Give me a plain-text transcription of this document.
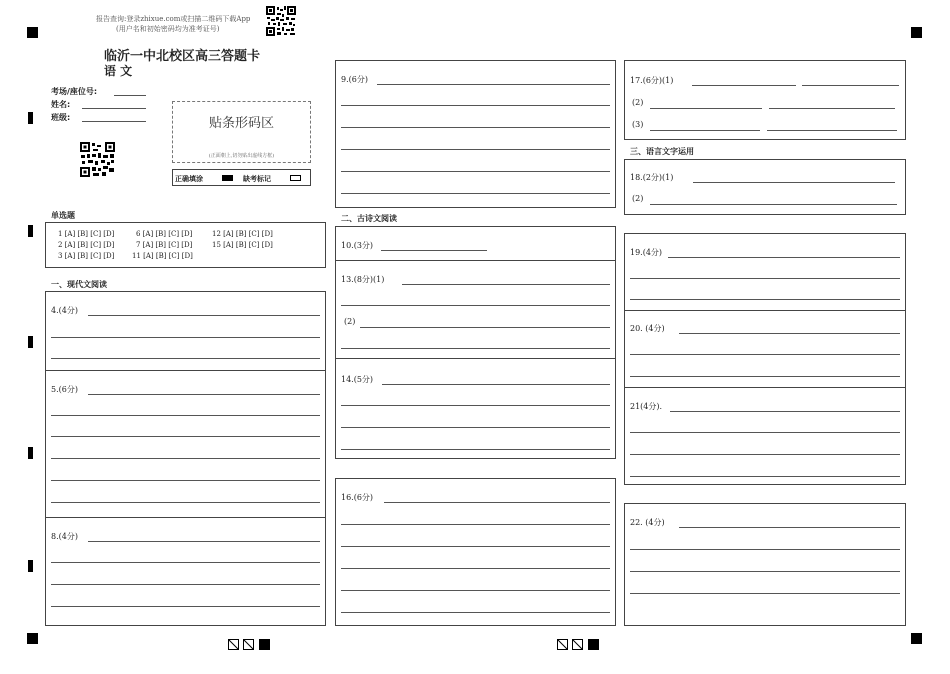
报告查询:登录zhixue.com或扫描二维码下载App
(用户名和初始密码均为准考证号)
临沂一中北校区高三答题卡
语 文
考场/座位号:
姓名:
班级:	贴条形码区
(正面朝上,切勿贴出虚线方框)
正确填涂	缺考标记
单选题
1 [A] [B] [C] [D]	6 [A] [B] [C] [D]	12 [A] [B] [C] [D]
2 [A] [B] [C] [D]	7 [A] [B] [C] [D]	15 [A] [B] [C] [D]
3 [A] [B] [C] [D]	11 [A] [B] [C] [D]
一、现代文阅读
4.(4分)
5.(6分)
8.(4分)
9.(6分)
二、古诗文阅读
10.(3分)
13.(8分)(1)
(2)
14.(5分)
16.(6分)
17.(6分)(1)
(2)
(3)
三、语言文字运用
18.(2分)(1)
(2)
19.(4分)
20. (4分)
21(4分).
22. (4分)
